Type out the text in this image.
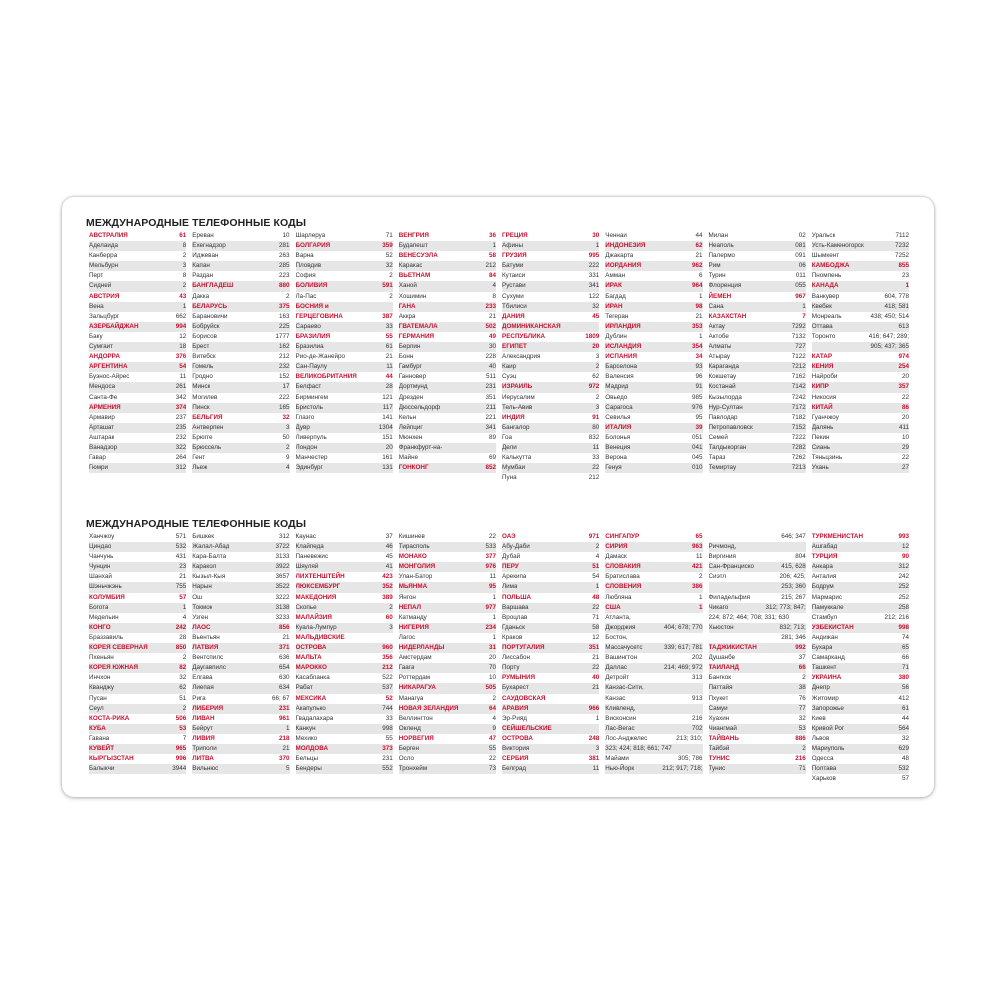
МЕЖДУНАРОДНЫЕ ТЕЛЕФОННЫЕ КОДЫ
АВСТРАЛИЯ	61
Аделаида	8
Канберра	2
Мельбурн	3
Перт	8
Сидней	2
АВСТРИЯ	43
Вена	1
Зальцбург	662
АЗЕРБАЙДЖАН	994
Баку	12
Сумгаит	18
АНДОРРА	376
АРГЕНТИНА	54
Буэнос-Айрес	11
Мендоса	261
Санта-Фе	342
АРМЕНИЯ	374
Армавир	237
Арташат	235
Аштарак	232
Ванадзор	322
Гавар	264
Гюмри	312
Ереван	10
Ехегнадзор	281
Иджеван	263
Капан	285
Раздан	223
БАНГЛАДЕШ	880
Дакка	2
БЕЛАРУСЬ	375
Барановичи	163
Бобруйск	225
Борисов	1777
Брест	162
Витебск	212
Гомель	232
Гродно	152
Минск	17
Могилев	222
Пинск	165
БЕЛЬГИЯ	32
Антверпен	3
Брюгге	50
Брюссель	2
Гент	9
Льеж	4
Шарлеруа	71
БОЛГАРИЯ	359
Варна	52
Пловдив	32
София	2
БОЛИВИЯ	591
Ла-Пас	2
БОСНИЯ и
ГЕРЦЕГОВИНА	387
Сараево	33
БРАЗИЛИЯ	55
Бразилиа	61
Рио-де-Жанейро	21
Сан-Паулу	11
ВЕЛИКОБРИТАНИЯ	44
Белфаст	28
Бирмингем	121
Бристоль	117
Глазго	141
Дувр	1304
Ливерпуль	151
Лондон	20
Манчестер	161
Эдинбург	131
ВЕНГРИЯ	36
Будапешт	1
ВЕНЕСУЭЛА	58
Каракас	212
ВЬЕТНАМ	84
Ханой	4
Хошимин	8
ГАНА	233
Аккра	21
ГВАТЕМАЛА	502
ГЕРМАНИЯ	49
Берлин	30
Бонн	228
Гамбург	40
Ганновер	511
Дортмунд	231
Дрезден	351
Дюссельдорф	211
Кельн	221
Лейпциг	341
Мюнхен	89
Франкфурт-на-
Майне	69
ГОНКОНГ	852
ГРЕЦИЯ	30
Афины	1
ГРУЗИЯ	995
Батуми	222
Кутаиси	331
Рустави	341
Сухуми	122
Тбилиси	32
ДАНИЯ	45
ДОМИНИКАНСКАЯ
РЕСПУБЛИКА	1809
ЕГИПЕТ	20
Александрия	3
Каир	2
Суэц	62
ИЗРАИЛЬ	972
Иерусалим	2
Тель-Авив	3
ИНДИЯ	91
Бангалор	80
Гоа	832
Дели	11
Калькутта	33
Мумбаи	22
Пуна	212
Ченнаи	44
ИНДОНЕЗИЯ	62
Джакарта	21
ИОРДАНИЯ	962
Амман	6
ИРАК	964
Багдад	1
ИРАН	98
Тегеран	21
ИРЛАНДИЯ	353
Дублин	1
ИСЛАНДИЯ	354
ИСПАНИЯ	34
Барселона	93
Валенсия	96
Мадрид	91
Овьедо	985
Сарагоса	976
Севилья	95
ИТАЛИЯ	39
Болонья	051
Венеция	041
Верона	045
Генуя	010
Милан	02
Неаполь	081
Палермо	091
Рим	06
Турин	011
Флоренция	055
ЙЕМЕН	967
Сана	1
КАЗАХСТАН	7
Актау	7292
Актобе	7132
Алматы	727
Атырау	7122
Караганда	7212
Кокшетау	7162
Костанай	7142
Кызылорда	7242
Нур-Султан	7172
Павлодар	7182
Петропавловск	7152
Семей	7222
Талдыкорган	7282
Тараз	7262
Темиртау	7213
Уральск	7112
Усть-Каменогорск	7232
Шымкент	7252
КАМБОДЖА	855
Пномпень	23
КАНАДА	1
Ванкувер	604, 778
Квебек	418; 581
Монреаль	438; 450; 514
Оттава	613
Торонто	416; 647; 289;
905; 437; 365
КАТАР	974
КЕНИЯ	254
Найроби	20
КИПР	357
Никосия	22
КИТАЙ	86
Гуанчжоу	20
Далянь	411
Пекин	10
Сиань	29
Тяньцзинь	22
Ухань	27
МЕЖДУНАРОДНЫЕ ТЕЛЕФОННЫЕ КОДЫ
Ханчжоу	571
Циндао	532
Чанчунь	431
Чунцин	23
Шанхай	21
Шэньчжэнь	755
КОЛУМБИЯ	57
Богота	1
Медельин	4
КОНГО	242
Браззавиль	28
КОРЕЯ СЕВЕРНАЯ	850
Пхеньян	2
КОРЕЯ ЮЖНАЯ	82
Инчхон	32
Кванджу	62
Пусан	51
Сеул	2
КОСТА-РИКА	506
КУБА	53
Гавана	7
КУВЕЙТ	965
КЫРГЫЗСТАН	996
Балыкчи	3944
Бишкек	312
Жалал-Абад	3722
Кара-Балта	3133
Каракол	3922
Кызыл-Кыя	3657
Нарын	3522
Ош	3222
Токмок	3138
Узген	3233
ЛАОС	856
Вьентьян	21
ЛАТВИЯ	371
Вентспилс	636
Даугавпилс	654
Елгава	630
Лиепая	634
Рига	66; 67
ЛИБЕРИЯ	231
ЛИВАН	961
Бейрут	1
ЛИВИЯ	218
Триполи	21
ЛИТВА	370
Вильнюс	5
Каунас	37
Клайпеда	46
Паневежис	45
Шяуляй	41
ЛИХТЕНШТЕЙН	423
ЛЮКСЕМБУРГ	352
МАКЕДОНИЯ	389
Скопье	2
МАЛАЙЗИЯ	60
Куала-Лумпур	3
МАЛЬДИВСКИЕ
ОСТРОВА	960
МАЛЬТА	356
МАРОККО	212
Касабланка	522
Рабат	537
МЕКСИКА	52
Акапулько	744
Гвадалахара	33
Канкун	998
Мехико	55
МОЛДОВА	373
Бельцы	231
Бендеры	552
Кишинев	22
Тирасполь	533
МОНАКО	377
МОНГОЛИЯ	976
Улан-Батор	11
МЬЯНМА	95
Янгон	1
НЕПАЛ	977
Катманду	1
НИГЕРИЯ	234
Лагос	1
НИДЕРЛАНДЫ	31
Амстердам	20
Гаага	70
Роттердам	10
НИКАРАГУА	505
Манагуа	2
НОВАЯ ЗЕЛАНДИЯ	64
Веллингтон	4
Окленд	9
НОРВЕГИЯ	47
Берген	55
Осло	22
Тронхейм	73
ОАЭ	971
Абу-Даби	2
Дубай	4
ПЕРУ	51
Арекипа	54
Лима	1
ПОЛЬША	48
Варшава	22
Вроцлав	71
Гданьск	58
Краков	12
ПОРТУГАЛИЯ	351
Лиссабон	21
Порту	22
РУМЫНИЯ	40
Бухарест	21
САУДОВСКАЯ
АРАВИЯ	966
Эр-Рияд	1
СЕЙШЕЛЬСКИЕ
ОСТРОВА	248
Виктория	3
СЕРБИЯ	381
Белград	11
СИНГАПУР	65
СИРИЯ	963
Дамаск	11
СЛОВАКИЯ	421
Братислава	2
СЛОВЕНИЯ	386
Любляна	1
США	1
Атланта,
Джорджия	404; 678; 770
Бостон,
Массачусетс	339; 617; 781
Вашингтон	202
Даллас	214; 469; 972
Детройт	313
Канзас-Сити,
Канзас	913
Кливленд,
Висконсин	216
Лас-Вегас	702
Лос-Анджелес	213; 310;
323; 424; 818; 661; 747
Майами	305; 786
Нью-Йорк	212; 917; 718;
646; 347
Ричмонд,
Виргиния	804
Сан-Франциско	415, 628
Сиэтл	206; 425;
253; 360
Филадельфия	215; 267
Чикаго	312; 773; 847;
224; 872; 464; 708; 331; 630
Хьюстон	832; 713;
281; 346
ТАДЖИКИСТАН	992
Душанбе	37
ТАИЛАНД	66
Бангкок	2
Паттайя	38
Пхукет	76
Самуи	77
Хуахин	32
Чиангмай	53
ТАЙВАНЬ	886
Тайбэй	2
ТУНИС	216
Тунис	71
ТУРКМЕНИСТАН	993
Ашгабад	12
ТУРЦИЯ	90
Анкара	312
Анталия	242
Бодрум	252
Мармарис	252
Памуккале	258
Стамбул	212; 216
УЗБЕКИСТАН	998
Андижан	74
Бухара	65
Самарканд	66
Ташкент	71
УКРАИНА	380
Днепр	56
Житомир	412
Запорожье	61
Киев	44
Кривой Рог	564
Львов	32
Мариуполь	629
Одесса	48
Полтава	532
Харьков	57
